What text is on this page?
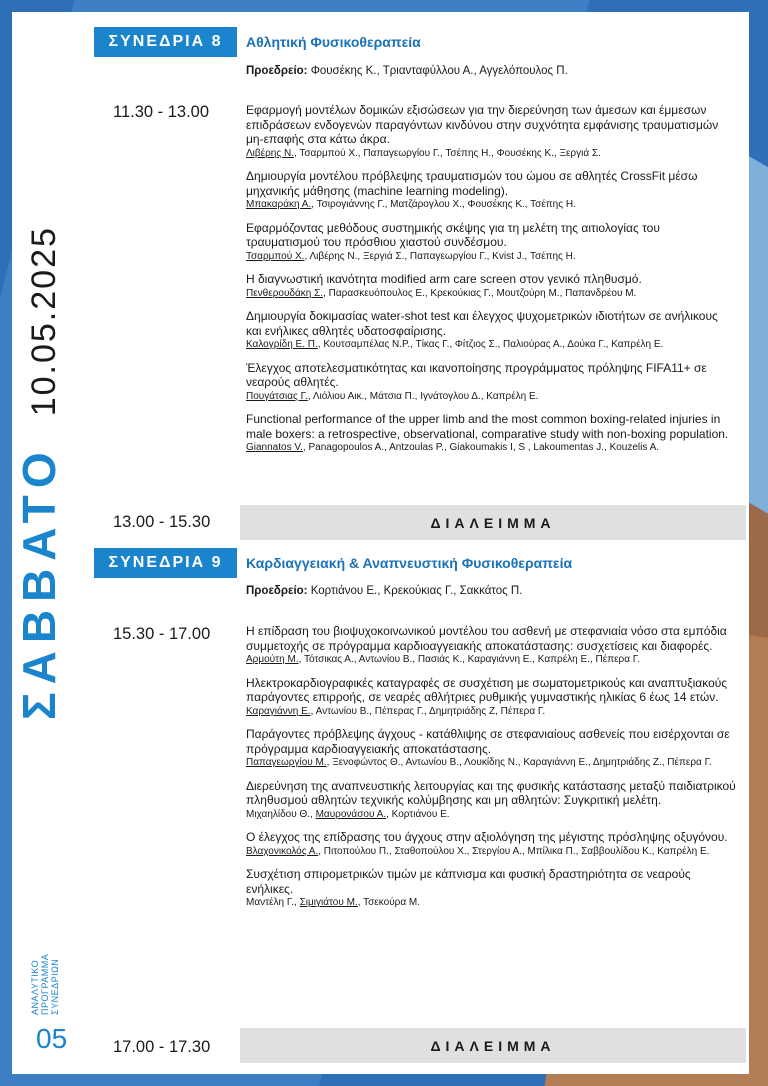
ΣΑΒΒΑΤΟ10.05.2025
ΑΝΑΛΥΤΙΚΟ ΠΡΟΓΡΑΜΜΑ ΣΥΝΕΔΡΙΩΝ
05
ΣΥΝΕΔΡΙΑ 8	Αθλητική Φυσικοθεραπεία
Προεδρείο: Φουσέκης Κ., Τριανταφύλλου Α., Αγγελόπουλος Π.
11.30 - 13.00	Εφαρμογή μοντέλων δομικών εξισώσεων για την διερεύνηση των άμεσων και έμμεσων επιδράσεων ενδογενών παραγόντων κινδύνου στην συχνότητα εμφάνισης τραυματισμών μη-επαφής στα κάτω άκρα.
Λιβέρης Ν., Τσαρμπού Χ., Παπαγεωργίου Γ., Τσέπης Η., Φουσέκης Κ., Ξεργιά Σ.
Δημιουργία μοντέλου πρόβλεψης τραυματισμών του ώμου σε αθλητές CrossFit μέσω μηχανικής μάθησης (machine learning modeling).
Μπακαράκη Α., Τσιρογιάννης Γ., Ματζάρογλου Χ., Φουσέκης Κ., Τσέπης Η.
Εφαρμόζοντας μεθόδους συστημικής σκέψης για τη μελέτη της αιτιολογίας του τραυματισμού του πρόσθιου χιαστού συνδέσμου.
Τσαρμπού Χ., Λιβέρης Ν., Ξεργιά Σ., Παπαγεωργίου Γ., Kvist J., Τσέπης Η.
Η διαγνωστική ικανότητα modified arm care screen στον γενικό πληθυσμό.
Πενθερουδάκη Σ., Παρασκευόπουλος Ε., Κρεκούκιας Γ., Μουτζούρη Μ., Παπανδρέου Μ.
Δημιουργία δοκιμασίας water-shot test και έλεγχος ψυχομετρικών ιδιοτήτων σε ανήλικους και ενήλικες αθλητές υδατοσφαίρισης.
Καλογρίδη Ε. Π., Κουτσαμπέλας Ν.Ρ., Τίκας Γ., Φίτζιος Σ., Παλιούρας Α., Δούκα Γ., Καπρέλη Ε.
Έλεγχος αποτελεσματικότητας και ικανοποίησης προγράμματος πρόληψης FIFA11+ σε νεαρούς αθλητές.
Πουγάτσιας Γ., Λιόλιου Αικ., Μάτσια Π., Ιγνάτογλου Δ., Καπρέλη Ε.
Functional performance of the upper limb and the most common boxing-related injuries in male boxers: a retrospective, observational, comparative study with non-boxing population.
Giannatos V., Panagopoulos A., Antzoulas P., Giakoumakis I, S , Lakoumentas J., Kouzelis A.
13.00 - 15.30	ΔΙΑΛΕΙΜΜΑ
ΣΥΝΕΔΡΙΑ 9	Καρδιαγγειακή & Αναπνευστική Φυσικοθεραπεία
Προεδρείο: Κορτιάνου Ε., Κρεκούκιας Γ., Σακκάτος Π.
15.30 - 17.00	Η επίδραση του βιοψυχοκοινωνικού μοντέλου του ασθενή με στεφανιαία νόσο στα εμπόδια συμμετοχής σε πρόγραμμα καρδιοαγγειακής αποκατάστασης: συσχετίσεις και διαφορές.
Αρμούτη Μ., Τότσικας Α., Αντωνίου Β., Πασιάς Κ., Καραγιάννη Ε., Καπρέλη Ε., Πέπερα Γ.
Ηλεκτροκαρδιογραφικές καταγραφές σε συσχέτιση με σωματομετρικούς και αναπτυξιακούς παράγοντες επιρροής, σε νεαρές αθλήτριες ρυθμικής γυμναστικής ηλικίας 6 έως 14 ετών.
Καραγιάννη Ε., Αντωνίου Β., Πέπερας Γ., Δημητριάδης Ζ, Πέπερα Γ.
Παράγοντες πρόβλεψης άγχους - κατάθλιψης σε στεφανιαίους ασθενείς που εισέρχονται σε πρόγραμμα καρδιοαγγειακής αποκατάστασης.
Παπαγεωργίου Μ., Ξενοφώντος Θ., Αντωνίου Β., Λουκίδης Ν., Καραγιάννη Ε., Δημητριάδης Ζ., Πέπερα Γ.
Διερεύνηση της αναπνευστικής λειτουργίας και της φυσικής κατάστασης μεταξύ παιδιατρικού πληθυσμού αθλητών τεχνικής κολύμβησης και μη αθλητών: Συγκριτική μελέτη.
Μιχαηλίδου Θ., Μαυρονάσου Α., Κορτιάνου Ε.
Ο έλεγχος της επίδρασης του άγχους στην αξιολόγηση της μέγιστης πρόσληψης οξυγόνου.
Βλαχονικολός Α., Πιτοπούλου Π., Σταθοπούλου Χ., Στεργίου Α., Μπίλικα Π., Σαββουλίδου Κ., Καπρέλη Ε.
Συσχέτιση σπιρομετρικών τιμών με κάπνισμα και φυσική δραστηριότητα σε νεαρούς ενήλικες.
Μαντέλη Γ., Σιμιγιάτου Μ., Τσεκούρα Μ.
17.00 - 17.30	ΔΙΑΛΕΙΜΜΑ
